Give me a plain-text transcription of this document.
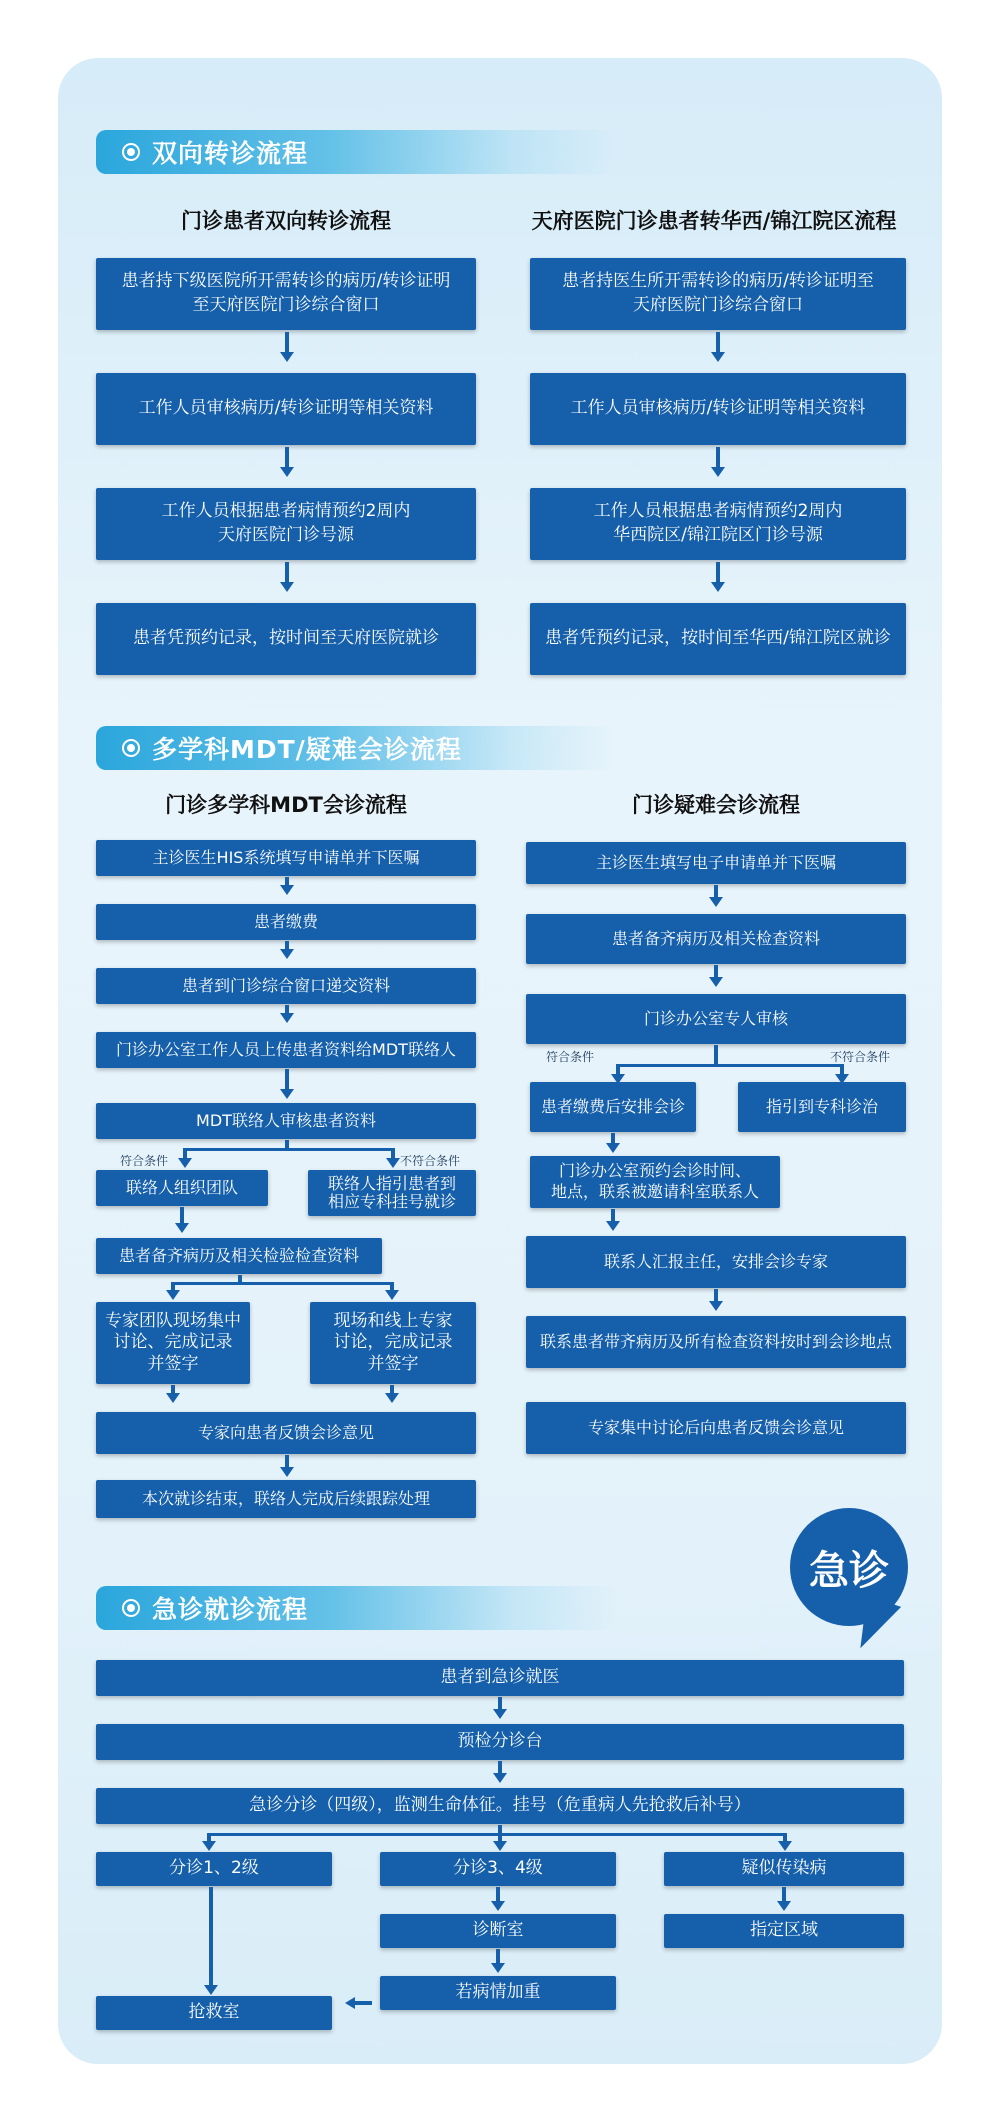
双向转诊流程
门诊患者双向转诊流程	天府医院门诊患者转华西/锦江院区流程
患者持下级医院所开需转诊的病历/转诊证明
至天府医院门诊综合窗口
工作人员审核病历/转诊证明等相关资料
工作人员根据患者病情预约2周内
天府医院门诊号源
患者凭预约记录，按时间至天府医院就诊
患者持医生所开需转诊的病历/转诊证明至
天府医院门诊综合窗口
工作人员审核病历/转诊证明等相关资料
工作人员根据患者病情预约2周内
华西院区/锦江院区门诊号源
患者凭预约记录，按时间至华西/锦江院区就诊
多学科MDT/疑难会诊流程
门诊多学科MDT会诊流程	门诊疑难会诊流程
主诊医生HIS系统填写申请单并下医嘱
患者缴费
患者到门诊综合窗口递交资料
门诊办公室工作人员上传患者资料给MDT联络人
MDT联络人审核患者资料
符合条件	不符合条件
联络人组织团队	联络人指引患者到
相应专科挂号就诊
患者备齐病历及相关检验检查资料
专家团队现场集中
讨论、完成记录
并签字
现场和线上专家
讨论，完成记录
并签字
专家向患者反馈会诊意见
本次就诊结束，联络人完成后续跟踪处理
主诊医生填写电子申请单并下医嘱
患者备齐病历及相关检查资料
门诊办公室专人审核
符合条件	不符合条件
患者缴费后安排会诊	指引到专科诊治
门诊办公室预约会诊时间、
地点，联系被邀请科室联系人
联系人汇报主任，安排会诊专家
联系患者带齐病历及所有检查资料按时到会诊地点
专家集中讨论后向患者反馈会诊意见
急诊就诊流程
急诊
患者到急诊就医
预检分诊台
急诊分诊（四级），监测生命体征。挂号（危重病人先抢救后补号）
分诊1、2级	分诊3、4级	疑似传染病
诊断室	指定区域
抢救室
若病情加重
